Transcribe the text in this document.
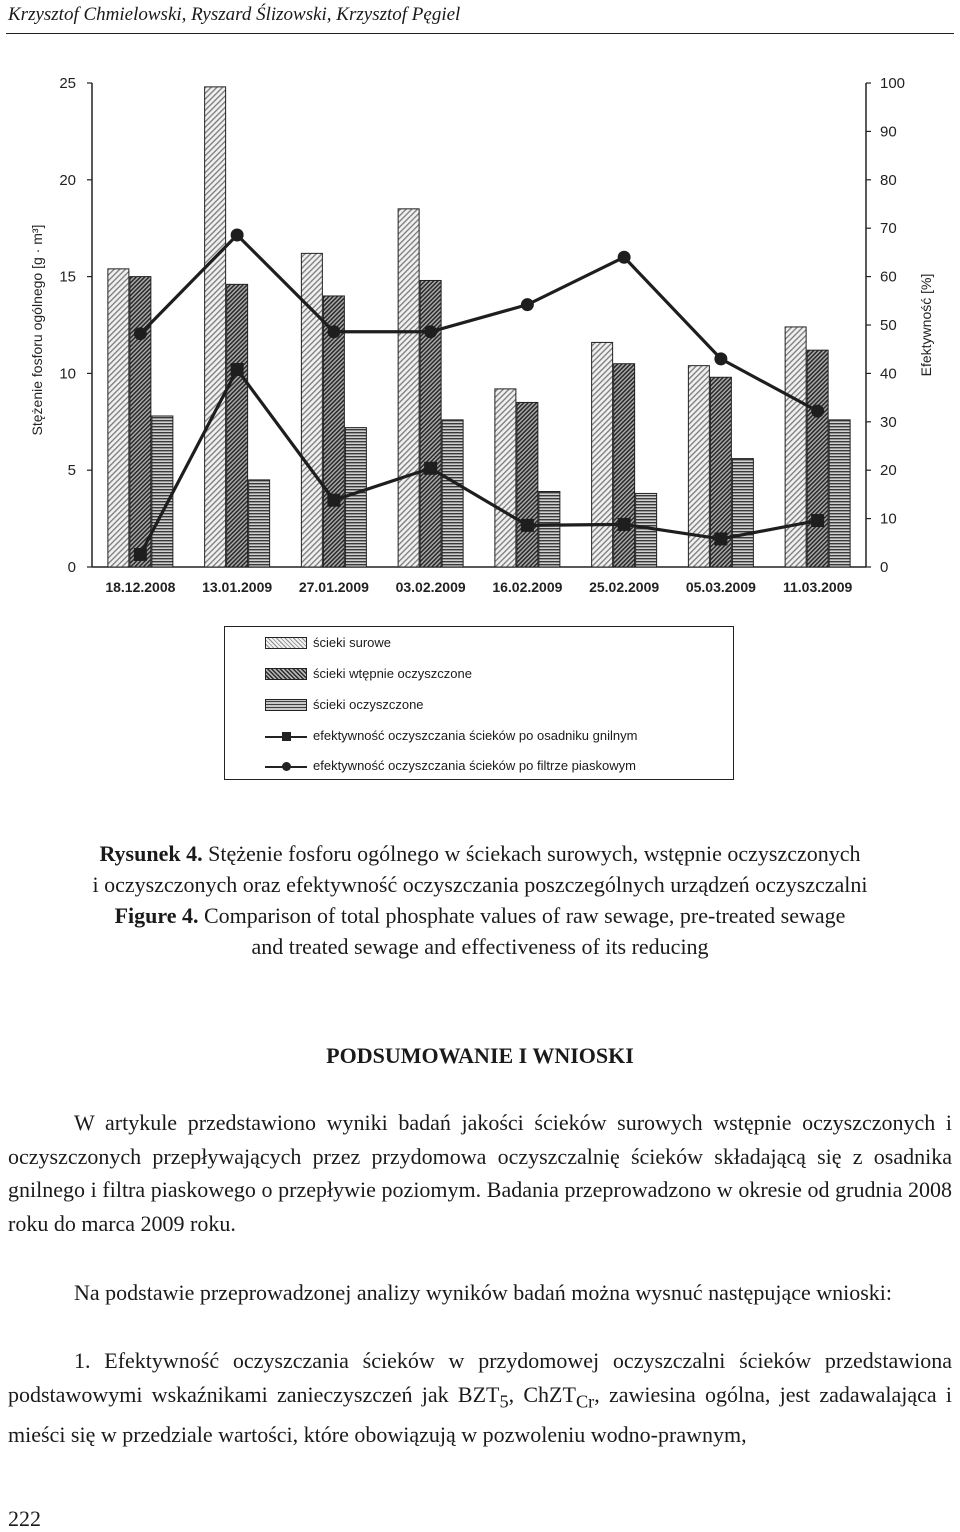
Krzysztof Chmielowski, Ryszard Ślizowski, Krzysztof Pęgiel
0
5
10
15
20
25
0
10
20
30
40
50
60
70
80
90
100
18.12.2008 13.01.2009 27.01.2009 03.02.2009 16.02.2009 25.02.2009 05.03.2009 11.03.2009
Stężenie fosforu ogólnego [g · m³]	Efektywność [%]
ścieki surowe
ścieki wtępnie oczyszczone
ścieki oczyszczone
efektywność oczyszczania ścieków po osadniku gnilnym
efektywność oczyszczania ścieków po filtrze piaskowym
Rysunek 4. Stężenie fosforu ogólnego w ściekach surowych, wstępnie oczyszczonych
i oczyszczonych oraz efektywność oczyszczania poszczególnych urządzeń oczyszczalni
Figure 4. Comparison of total phosphate values of raw sewage, pre-treated sewage
and treated sewage and effectiveness of its reducing
PODSUMOWANIE I WNIOSKI
W artykule przedstawiono wyniki badań jakości ścieków surowych wstępnie oczyszczonych i oczyszczonych przepływających przez przydomowa oczyszczalnię ścieków składającą się z osadnika gnilnego i filtra piaskowego o przepływie poziomym. Badania przeprowadzono w okresie od grudnia 2008 roku do marca 2009 roku.
Na podstawie przeprowadzonej analizy wyników badań można wysnuć następujące wnioski:
1. Efektywność oczyszczania ścieków w przydomowej oczyszczalni ścieków przedstawiona podstawowymi wskaźnikami zanieczyszczeń jak $BZT_5$, ChZT$_{Cr}$, zawiesina ogólna, jest zadawalająca i mieści się w przedziale wartości, które obowiązują w pozwoleniu wodno-prawnym,
222
